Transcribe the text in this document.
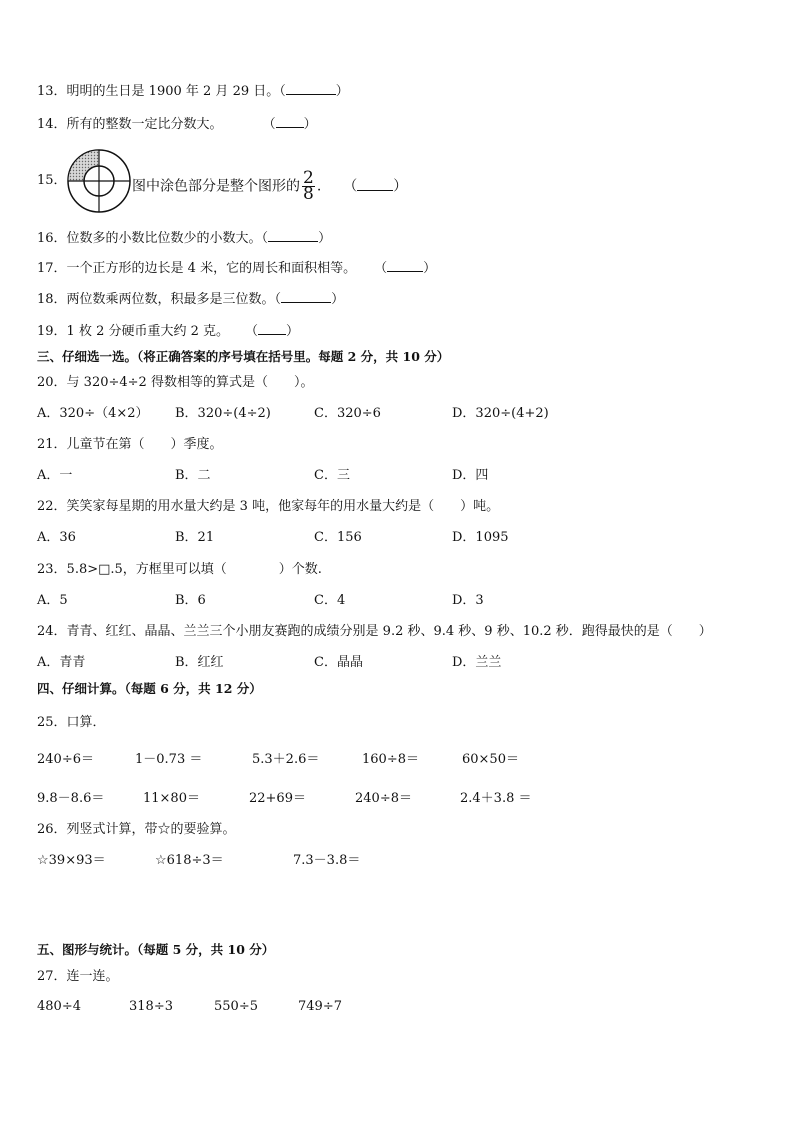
13．明明的生日是 1900 年 2 月 29 日。（	）
14．所有的整数一定比分数大。	（ ）
15．	图中涂色部分是整个图形的 $\frac{2}{8}$ . （	）
16．位数多的小数比位数少的小数大。（	）
17．一个正方形的边长是 4 米，它的周长和面积相等。 （	）
18．两位数乘两位数，积最多是三位数。（	）
19．1 枚 2 分硬币重大约 2 克。 （ ）
三、仔细选一选。（将正确答案的序号填在括号里。每题 2 分，共 10 分）
20．与 320÷4÷2 得数相等的算式是（　　）。
A．320÷（4×2） B．320÷(4÷2)	C．320÷6	D．320÷(4+2)
21．儿童节在第（　　）季度。
A．一	B．二	C．三	D．四
22．笑笑家每星期的用水量大约是 3 吨，他家每年的用水量大约是（　　）吨。
A．36	B．21	C．156	D．1095
23．5.8>□.5，方框里可以填（　　　　）个数.
A．5	B．6	C．4	D．3
24．青青、红红、晶晶、兰兰三个小朋友赛跑的成绩分别是 9.2 秒、9.4 秒、9 秒、10.2 秒．跑得最快的是（　　）
A．青青	B．红红	C．晶晶	D．兰兰
四、仔细计算。（每题 6 分，共 12 分）
25．口算．
240÷6＝	1－0.73 ＝	5.3＋2.6＝	160÷8＝	60×50＝
9.8－8.6＝	11×80＝	22+69＝	240÷8＝	2.4＋3.8 ＝
26．列竖式计算，带☆的要验算。
☆39×93＝	☆618÷3＝	7.3－3.8＝
五、图形与统计。（每题 5 分，共 10 分）
27．连一连。
480÷4	318÷3	550÷5	749÷7
